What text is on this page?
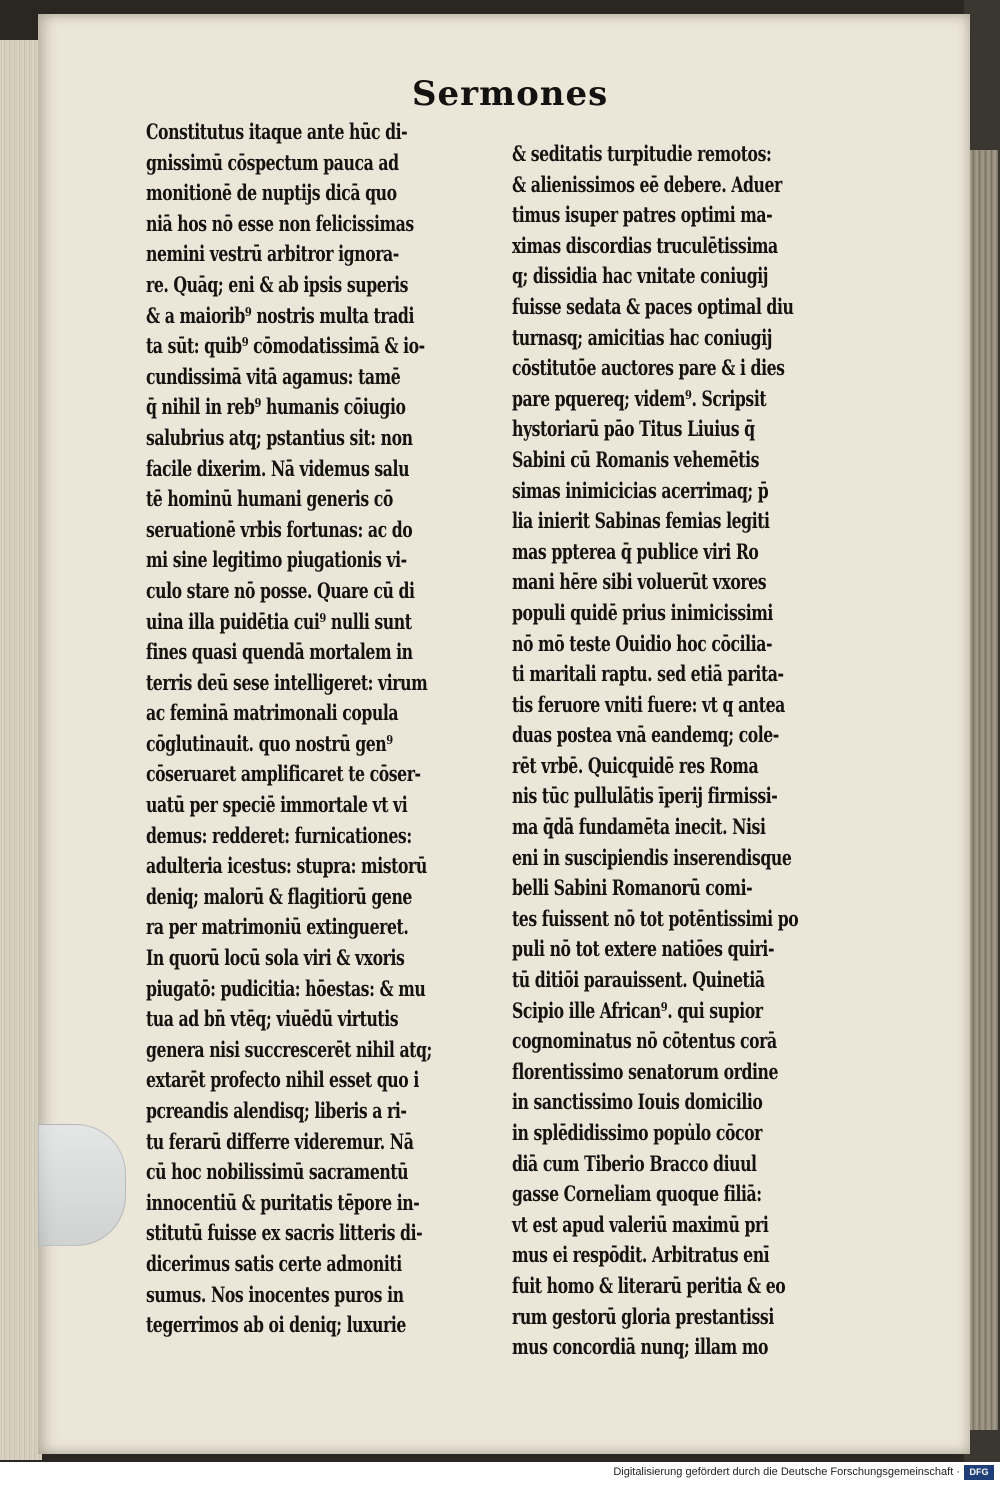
Sermones
Constitutus itaque ante hūc di-
gnissimū cōspectum pauca ad
monitionē de nuptijs dicā quo
niā hos nō esse non felicissimas
nemini vestrū arbitror ignora-
re. Quāq; eni & ab ipsis superis
& a maiorib⁹ nostris multa tradi
ta sūt: quib⁹ cōmodatissimā & io-
cundissimā vitā agamus: tamē
q̄ nihil in reb⁹ humanis cōiugio
salubrius atq; pstantius sit: non
facile dixerim. Nā videmus salu
tē hominū humani generis cō
seruationē vrbis fortunas: ac do
mi sine legitimo piugationis vi-
culo stare nō posse. Quare cū di
uina illa puidētia cui⁹ nulli sunt
fines quasi quendā mortalem in
terris deū sese intelligeret: virum
ac feminā matrimonali copula
cōglutinauit. quo nostrū gen⁹
cōseruaret amplificaret te cōser-
uatū per speciē immortale vt vi
demus: redderet: furnicationes:
adulteria icestus: stupra: mistorū
deniq; malorū & flagitiorū gene
ra per matrimoniū extingueret.
In quorū locū sola viri & vxoris
piugatō: pudicitia: hōestas: & mu
tua ad bn̄ vtēq; viuēdū virtutis
genera nisi succrescerēt nihil atq;
extarēt profecto nihil esset quo i
pcreandis alendisq; liberis a ri-
tu ferarū differre videremur. Nā
cū hoc nobilissimū sacramentū
innocentiū & puritatis tēpore in-
stitutū fuisse ex sacris litteris di-
dicerimus satis certe admoniti
sumus. Nos inocentes puros in
tegerrimos ab oi deniq; luxurie
& seditatis turpitudie remotos:
& alienissimos eē debere. Aduer
timus isuper patres optimi ma-
ximas discordias truculētissima
q; dissidia hac vnitate coniugij
fuisse sedata & paces optimal diu
turnasq; amicitias hac coniugij
cōstitutōe auctores pare & i dies
pare pquereq; videm⁹. Scripsit
hystoriarū pāo Titus Liuius q̄
Sabini cū Romanis vehemētis
simas inimicicias acerrimaq; p̄
lia inierit Sabinas femias legiti
mas ppterea q̄ publice viri Ro
mani hēre sibi voluerūt vxores
populi quidē prius inimicissimi
nō mō teste Ouidio hoc cōcilia-
ti maritali raptu. sed etiā parita-
tis feruore vniti fuere: vt q antea
duas postea vnā eandemq; cole-
rēt vrbē. Quicquidē res Roma
nis tūc pullulātis īperij firmissi-
ma q̄dā fundamēta inecit. Nisi
eni in suscipiendis inserendisque
belli Sabini Romanorū comi-
tes fuissent nō tot potēntissimi po
puli nō tot extere natiōes quiri-
tū ditiōi parauissent. Quinetiā
Scipio ille African⁹. qui supior
cognominatus nō cōtentus corā
florentissimo senatorum ordine
in sanctissimo Iouis domicilio
in splēdidissimo popu̇lo cōcor
diā cum Tiberio Bracco diuul
gasse Corneliam quoque filiā:
vt est apud valeriū maximū pri
mus ei respōdit. Arbitratus enī
fuit homo & literarū peritia & eo
rum gestorū gloria prestantissi
mus concordiā nunq; illam mo
Digitalisierung gefördert durch die Deutsche Forschungsgemeinschaft ·	DFG
